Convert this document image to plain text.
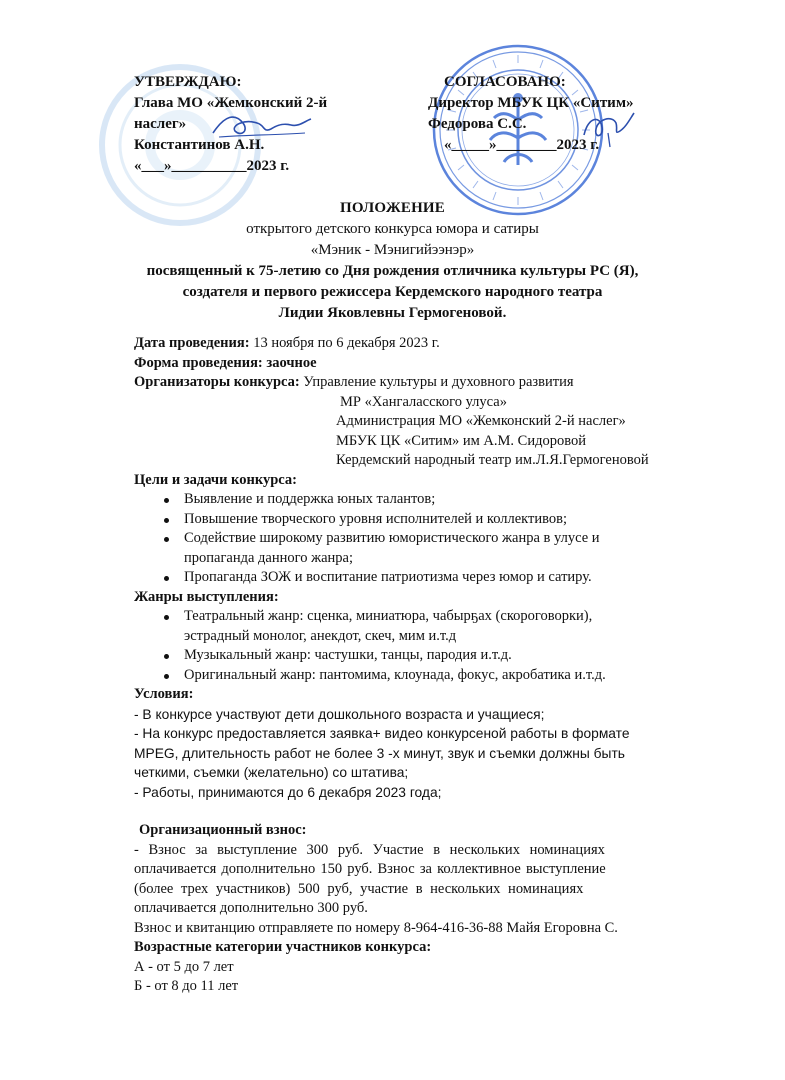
УТВЕРЖДАЮ:
Глава МО «Жемконский 2-й
наслег»
Константинов А.Н.
«___»__________2023 г.
СОГЛАСОВАНО:
Директор МБУК ЦК «Ситим»
Федорова С.С.
«_____»________2023 г.
ПОЛОЖЕНИЕ
открытого детского конкурса юмора и сатиры
«Мэник - Мэнигийээнэр»
посвященный к 75-летию со Дня рождения отличника культуры РС (Я),
создателя и первого режиссера Кердемского народного театра
Лидии Яковлевны Гермогеновой.
Дата проведения: 13 ноября по 6 декабря 2023 г.
Форма проведения: заочное
Организаторы конкурса: Управление культуры и духовного развития
МР «Хангаласского улуса»
Администрация МО «Жемконский 2-й наслег»
МБУК ЦК «Ситим» им А.М. Сидоровой
Кердемский народный театр им.Л.Я.Гермогеновой
Цели и задачи конкурса:
Выявление и поддержка юных талантов;
Повышение творческого уровня исполнителей и коллективов;
Содействие широкому развитию юмористического жанра в улусе и
пропаганда данного жанра;
Пропаганда ЗОЖ и воспитание патриотизма через юмор и сатиру.
Жанры выступления:
Театральный жанр: сценка, миниатюра, чабырҕах (скороговорки),
эстрадный монолог, анекдот, скеч, мим и.т.д
Музыкальный жанр: частушки, танцы, пародия и.т.д.
Оригинальный жанр: пантомима, клоунада, фокус, акробатика и.т.д.
Условия:
- В конкурсе участвуют дети дошкольного возраста и учащиеся;
- На конкурс предоставляется заявка+ видео конкурсеной работы в формате
MPEG, длительность работ не более 3 -х минут, звук и съемки должны быть
четкими, съемки (желательно) со штатива;
- Работы, принимаются до 6 декабря 2023 года;
Организационный взнос:
- Взнос за выступление 300 руб. Участие в нескольких номинациях
оплачивается дополнительно 150 руб. Взнос за коллективное выступление
(более трех участников) 500 руб, участие в нескольких номинациях
оплачивается дополнительно 300 руб.
Взнос и квитанцию отправляете по номеру 8-964-416-36-88 Майя Егоровна С.
Возрастные категории участников конкурса:
А - от 5 до 7 лет
Б - от 8 до 11 лет
